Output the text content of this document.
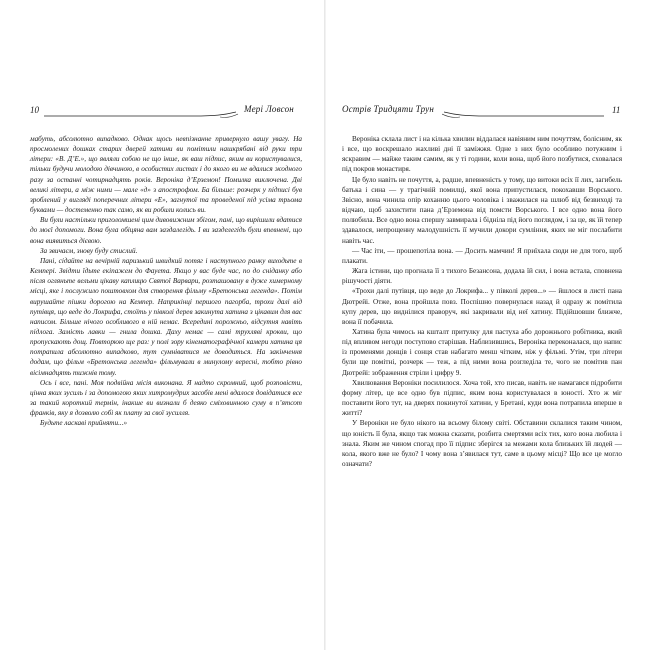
10	Мері Ловсон

мабуть, абсолютно випадково. Однак щось невпізнанне привернуло вашу увагу. На просмолених дошках старих дверей хатини ви помітили нашкрябані від руки три літери: «В. Д’Е.», що являли собою не що інше, як ваш підпис, яким ви користувалися, тільки будучи молодою дівчиною, в особистих листах і до якого ви не вдалися жодного разу за останні чотирнадцять років. Вероніка д’Ерземон! Помилка виключена. Дві великі літери, а між ними — мале «д» з апострофом. Ба більше: розчерк у підписі був зроблений у вигляді поперечних літери «Е», загнутої та проведеної під усіма трьома буквами — достеменно так само, як ви робили колись ви.

Ви були настільки приголомшені цим дивовижним збігом, пані, що вирішили вдатися до моєї допомоги. Вона була обіцяна вам заздалегідь. І ви зазделегідь були впевнені, що вона виявиться дієвою.

За звичаєм, знову буду стислий.

Пані, сідайте на вечірній паризький швидкий потяг і наступного ранку виходьте в Кемпері. Звідти їдьте екіпажем до Фауета. Якщо у вас буде час, по до сніданку або після огляньте вельми цікаву каплицю Святої Варвари, розташовану в дуже химерному місці, яке і послужило поштовхом для створення фільму «Бретонська легенда». Потім вирушайте пішки дорогою на Кемпер. Наприкінці першого пагорба, трохи далі від путівця, що веде до Локрифа, стоїть у півколі дерев закинута хатина з цікавим для вас написом. Більше нічого особливого в ній немає. Всередині порожньо, відсутня навіть підлога. Замість лавки — гнила дошка. Даху немає — самі трухляві крокви, що пропускають дощ. Повторюю ще раз: у полі зору кінематографічної камери хатина ця потрапила абсолютно випадково, тут сумніватися не доводиться. На закінчення додам, що фільм «Бретонська легенда» фільмували в минулому вересні, тобто рівно вісімнадцять тижнів тому.

Ось і все, пані. Моя подвійна місія виконана. Я надто скромний, щоб розповісти, цінна яких зусиль і за допомогою яких хитромудрих засобів мені вдалося довідатися все за такий короткий термін, інакше ви визнали б деяко сміховинною суму в п’ятсот франків, яку я дозволю собі як плату за свої зусилля.

Будьте ласкаві прийняти...»

Острів Тридцяти Трун	11

Вероніка склала лист і на кілька хвилин віддалася навіяним ним почуттям, болісним, як і все, що воскрешало жахливі дні її заміжжя. Одне з них було особливо потужним і яскравим — майже таким самим, як у ті години, коли вона, щоб його позбутися, сховалася під покров монастиря.

Це було навіть не почуття, а, радше, впевненість у тому, що витоки всіх її лих, загибель батька і сина — у трагічній помилці, якої вона припустилася, покохавши Ворського. Звісно, вона чинила опір коханню цього чоловіка і зважилася на шлюб від безвиході та відчаю, щоб захистити пана д’Ерземона від помсти Ворського. І все одно вона його полюбила. Все одно вона спершу завмирала і бідніла під його поглядом, і за це, як їй тепер здавалося, непрощенну малодушність її мучили докори сумління, яких не міг послабити навіть час.

— Час іти, — прошепотіла вона. — Досить мамчин! Я приїхала сюди не для того, щоб плакати.

Жага істини, що прогнала її з тихого Безансона, додала їй сил, і вона встала, сповнена рішучості діяти.

«Трохи далі путівця, що веде до Локрифа... у півколі дерев...» — йшлося в листі пана Дютрейі. Отже, вона пройшла повз. Поспішно повернулася назад й одразу ж помітила купу дерев, що виднілися праворуч, які закривали від неї хатину. Підійшовши ближче, вона її побачила.

Хатина була чимось на кшталт притулку для пастуха або дорожнього робітника, який під впливом негоди поступово старішав. Наблизившись, Вероніка переконалася, що напис із променями донців і сонця став набагато менш чітким, ніж у фільмі. Утім, три літери були ще помітні, розчерк — теж, а під ними вона розгледіла те, чого не помітив пан Дютрейі: зображення стріли і цифру 9.

Хвилювання Вероніки посилилося. Хоча той, хто писав, навіть не намагався підробити форму літер, це все одно був підпис, яким вона користувалася в юності. Хто ж міг поставити його тут, на дверях покинутої хатини, у Бретані, куди вона потрапила вперше в житті?

У Вероніки не було нікого на всьому білому світі. Обставини склалися таким чином, що юність її була, якщо так можна сказати, розбита смертями всіх тих, кого вона любила і знала. Яким же чином спогад про її підпис зберігся за межами кола близьких їй людей — кола, якого вже не було? І чому вона з’явилася тут, саме в цьому місці? Що все це могло означати?
